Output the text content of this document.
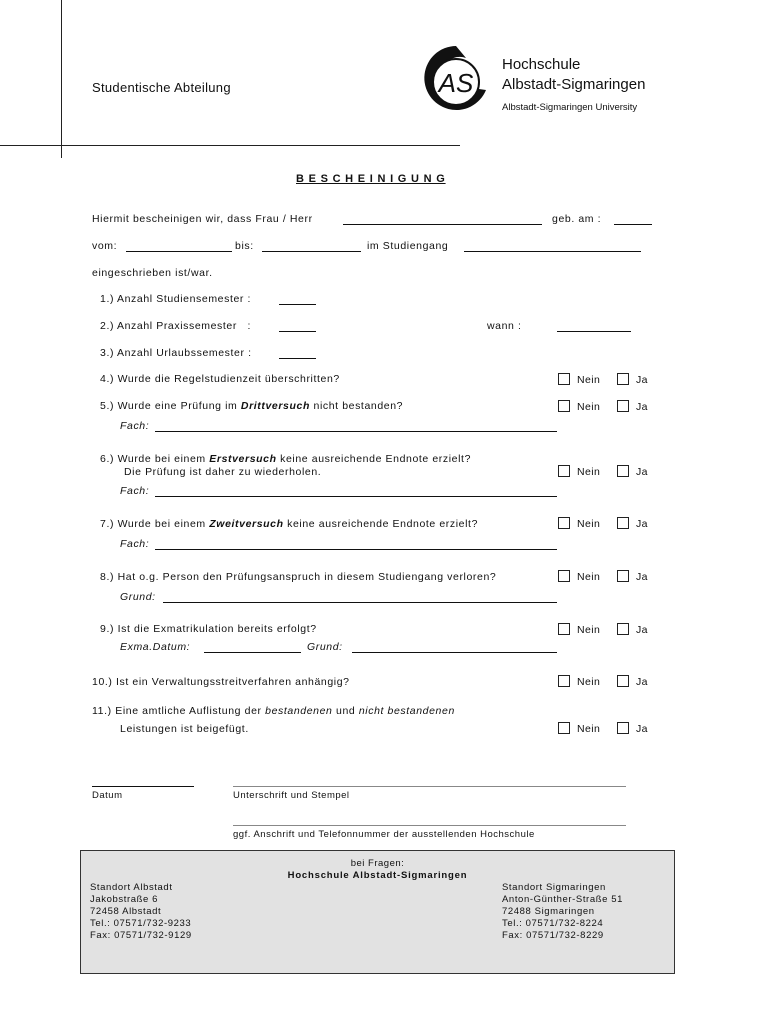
Studentische Abteilung	AS
Hochschule
Albstadt-Sigmaringen
Albstadt-Sigmaringen University
B E S C H E I N I G U N G
Hiermit bescheinigen wir, dass Frau / Herr	geb. am :
vom:	bis:	im Studiengang
eingeschrieben ist/war.
1.) Anzahl Studiensemester :
2.) Anzahl Praxissemester   :	wann :
3.) Anzahl Urlaubssemester :
4.) Wurde die Regelstudienzeit überschritten?	Nein	Ja
5.) Wurde eine Prüfung im Drittversuch nicht bestanden?	Nein	Ja
Fach:
6.) Wurde bei einem Erstversuch keine ausreichende Endnote erzielt?
Die Prüfung ist daher zu wiederholen.	Nein	Ja
Fach:
7.) Wurde bei einem Zweitversuch keine ausreichende Endnote erzielt?	Nein	Ja
Fach:
8.) Hat o.g. Person den Prüfungsanspruch in diesem Studiengang verloren?	Nein	Ja
Grund:
9.) Ist die Exmatrikulation bereits erfolgt?	Nein	Ja
Exma.Datum:	Grund:
10.) Ist ein Verwaltungsstreitverfahren anhängig?	Nein	Ja
11.) Eine amtliche Auflistung der bestandenen und nicht bestandenen
Leistungen ist beigefügt.	Nein	Ja
Datum	Unterschrift und Stempel
ggf. Anschrift und Telefonnummer der ausstellenden Hochschule
bei Fragen:
Hochschule Albstadt-Sigmaringen
Standort Albstadt
Jakobstraße 6
72458 Albstadt
Tel.: 07571/732-9233
Fax: 07571/732-9129
Standort Sigmaringen
Anton-Günther-Straße 51
72488 Sigmaringen
Tel.: 07571/732-8224
Fax: 07571/732-8229
